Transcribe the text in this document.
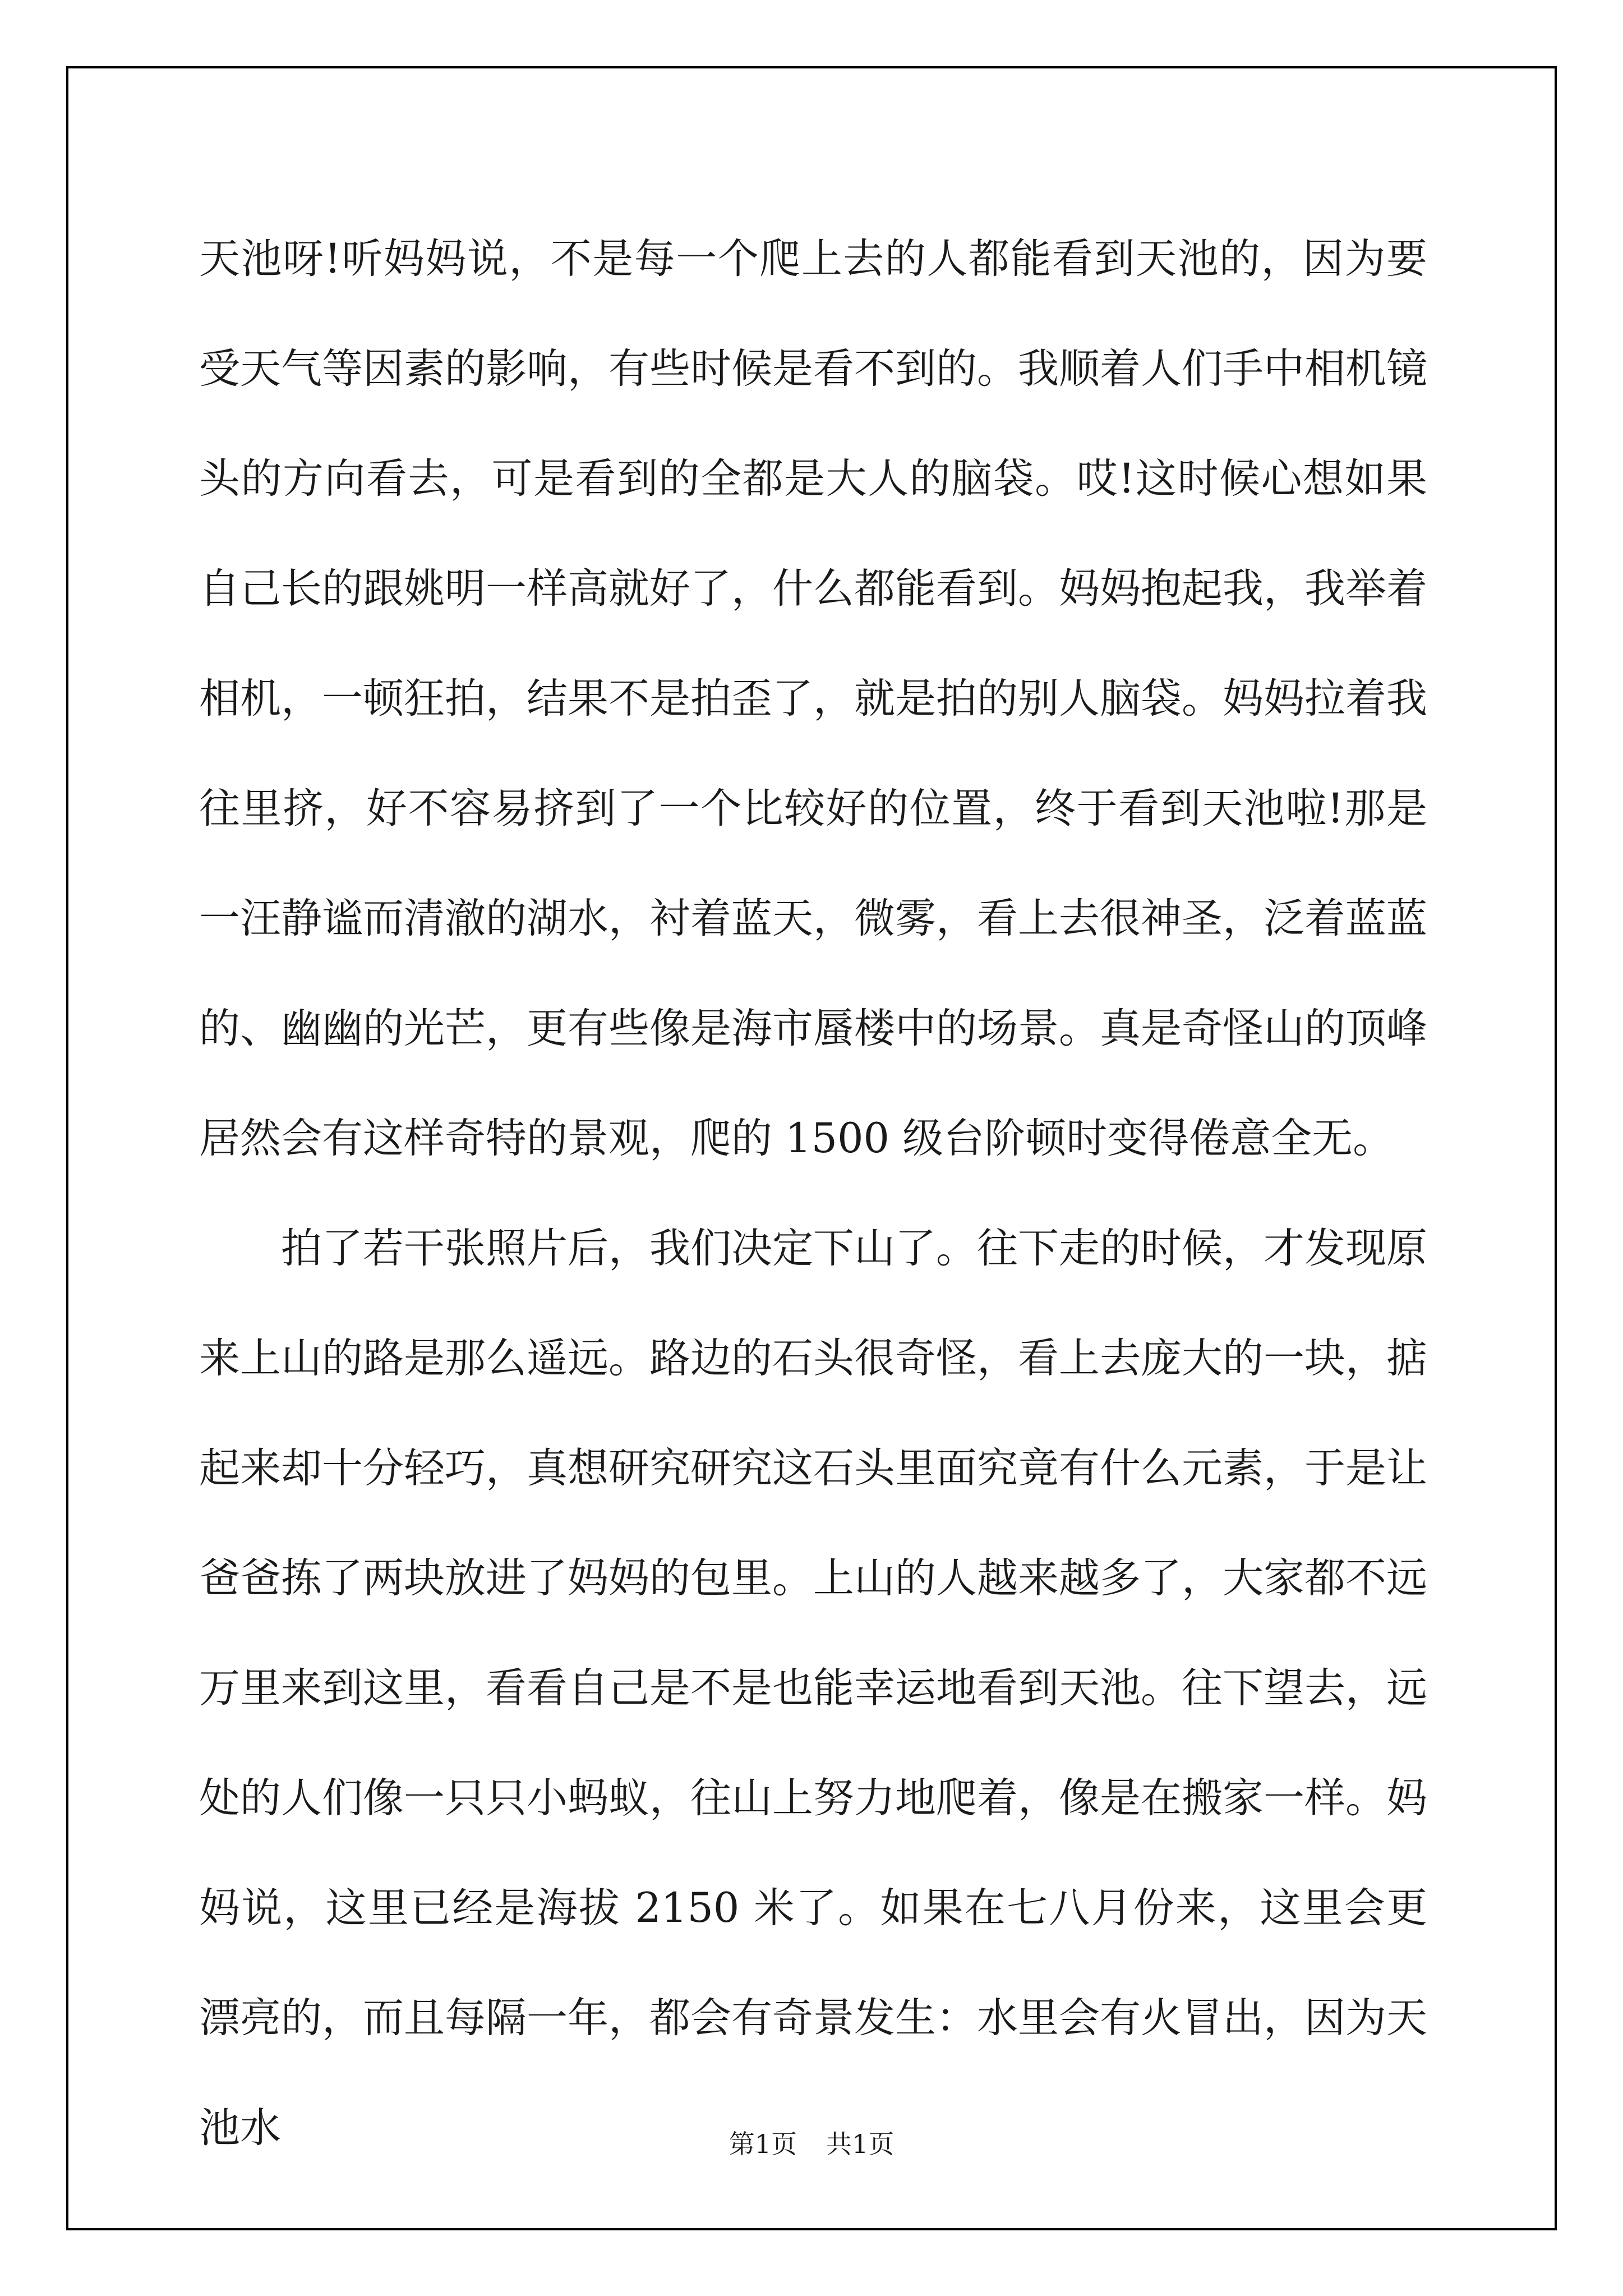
天池呀!听妈妈说，不是每一个爬上去的人都能看到天池的，因为要受天气等因素的影响，有些时候是看不到的。我顺着人们手中相机镜头的方向看去，可是看到的全都是大人的脑袋。哎!这时候心想如果自己长的跟姚明一样高就好了，什么都能看到。妈妈抱起我，我举着相机，一顿狂拍，结果不是拍歪了，就是拍的别人脑袋。妈妈拉着我往里挤，好不容易挤到了一个比较好的位置，终于看到天池啦!那是一汪静谧而清澈的湖水，衬着蓝天，微雾，看上去很神圣，泛着蓝蓝的、幽幽的光芒，更有些像是海市蜃楼中的场景。真是奇怪山的顶峰居然会有这样奇特的景观，爬的 1500 级台阶顿时变得倦意全无。

拍了若干张照片后，我们决定下山了。往下走的时候，才发现原来上山的路是那么遥远。路边的石头很奇怪，看上去庞大的一块，掂起来却十分轻巧，真想研究研究这石头里面究竟有什么元素，于是让爸爸拣了两块放进了妈妈的包里。上山的人越来越多了，大家都不远万里来到这里，看看自己是不是也能幸运地看到天池。往下望去，远处的人们像一只只小蚂蚁，往山上努力地爬着，像是在搬家一样。妈妈说，这里已经是海拔 2150 米了。如果在七八月份来，这里会更漂亮的，而且每隔一年，都会有奇景发生：水里会有火冒出，因为天池水	第1页 共1页
